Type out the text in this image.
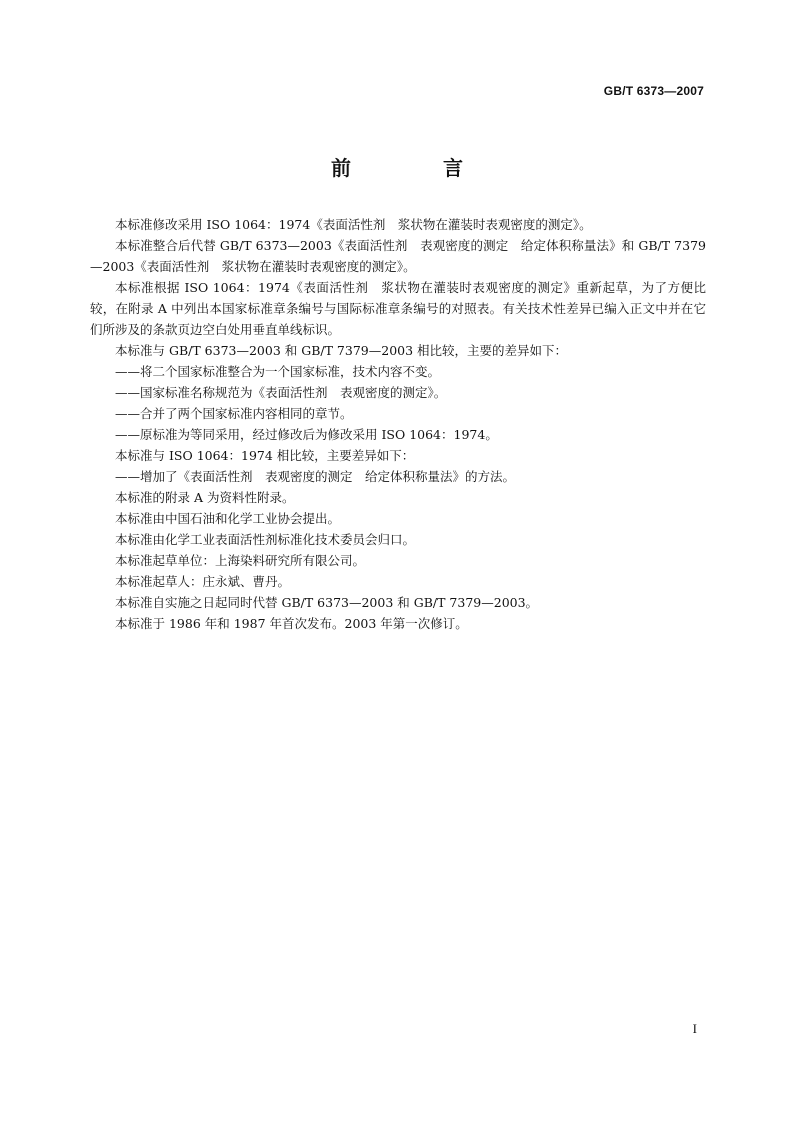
GB/T 6373—2007
前　言

本标准修改采用 ISO 1064：1974《表面活性剂　浆状物在灌装时表观密度的测定》。

本标准整合后代替 GB/T 6373—2003《表面活性剂　表观密度的测定　给定体积称量法》和 GB/T 7379—2003《表面活性剂　浆状物在灌装时表观密度的测定》。

本标准根据 ISO 1064：1974《表面活性剂　浆状物在灌装时表观密度的测定》重新起草，为了方便比较，在附录 A 中列出本国家标准章条编号与国际标准章条编号的对照表。有关技术性差异已编入正文中并在它们所涉及的条款页边空白处用垂直单线标识。

本标准与 GB/T 6373—2003 和 GB/T 7379—2003 相比较，主要的差异如下：

——将二个国家标准整合为一个国家标准，技术内容不变。

——国家标准名称规范为《表面活性剂　表观密度的测定》。

——合并了两个国家标准内容相同的章节。

——原标准为等同采用，经过修改后为修改采用 ISO 1064：1974。

本标准与 ISO 1064：1974 相比较，主要差异如下：

——增加了《表面活性剂　表观密度的测定　给定体积称量法》的方法。

本标准的附录 A 为资料性附录。

本标准由中国石油和化学工业协会提出。

本标准由化学工业表面活性剂标准化技术委员会归口。

本标准起草单位：上海染料研究所有限公司。

本标准起草人：庄永斌、曹丹。

本标准自实施之日起同时代替 GB/T 6373—2003 和 GB/T 7379—2003。

本标准于 1986 年和 1987 年首次发布。2003 年第一次修订。

I
